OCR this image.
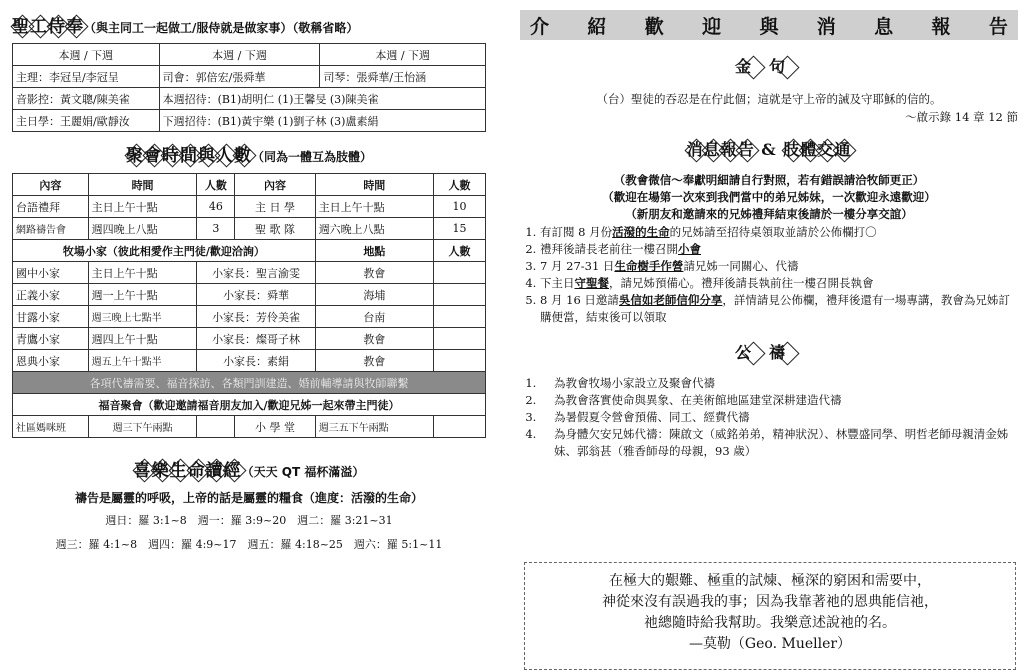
聖工侍奉（與主同工一起做工/服侍就是做家事）（敬稱省略）
本週 / 下週	本週 / 下週	本週 / 下週
主理：李冠呈/李冠呈	司會：郭倍宏/張舜華	司琴：張舜華/王怡涵
音影控：黃文聰/陳美雀	本週招待：(B1)胡明仁 (1)王馨旻 (3)陳美雀	
主日學：王麗娟/歐靜汝	下週招待：(B1)黃宇樂 (1)劉子林 (3)盧素絹	
聚會時間與人數（同為一體互為肢體）
內容	時間	人數	內容	時間	人數
台語禮拜	主日上午十點	46	主 日 學	主日上午十點	10
網路禱告會	週四晚上八點	3	聖 歌 隊	週六晚上八點	15
牧場小家（彼此相愛作主門徒/歡迎洽詢）				地點	人數
國中小家	主日上午十點	小家長：聖言渝雯		教會	
正義小家	週一上午十點	小家長：舜華		海埔	
甘露小家	週三晚上七點半	小家長：芳伶美雀		台南	
青鷹小家	週四上午十點	小家長：燦哥子林		教會	
恩典小家	週五上午十點半	小家長：素絹		教會	
各項代禱需要、福音探訪、各類門訓建造、婚前輔導請與牧師聯繫					
福音聚會（歡迎邀請福音朋友加入/歡迎兄姊一起來帶主門徒）					
社區媽咪班	週三下午兩點		小 學 堂	週三五下午兩點	
喜樂生命讀經（天天 QT 福杯滿溢）
禱告是屬靈的呼吸，上帝的話是屬靈的糧食（進度：活潑的生命）
週日：羅 3:1~8　週一：羅 3:9~20　週二：羅 3:21~31
週三：羅 4:1~8　週四：羅 4:9~17　週五：羅 4:18~25　週六：羅 5:1~11
介 紹 歡 迎 與 消 息 報 告
金句

（台）聖徒的吞忍是在佇此個；這就是守上帝的誡及守耶穌的信的。

～啟示錄 14 章 12 節

消息報告 & 肢體交通

（教會微信～奉獻明細請自行對照，若有錯誤請洽牧師更正）

（歡迎在場第一次來到我們當中的弟兄姊妹，一次歡迎永遠歡迎）

（新朋友和邀請來的兄姊禮拜結束後請於一樓分享交誼）

1. 有訂閱 8 月份活潑的生命的兄姊請至招待桌領取並請於公佈欄打〇
2. 禮拜後請長老前往一樓召開小會
3. 7 月 27-31 日生命樹手作營請兄姊一同關心、代禱
4. 下主日守聖餐，請兄姊預備心。禮拜後請長執前往一樓召開長執會
5. 8 月 16 日邀請吳信如老師信仰分享，詳情請見公佈欄，禮拜後還有一場專講，教會為兄姊訂購便當，結束後可以領取
公禱
1. 為教會牧場小家設立及聚會代禱
2. 為教會落實使命與異象、在美術館地區建堂深耕建造代禱
3. 為暑假夏令營會預備、同工、經費代禱
4. 為身體欠安兄姊代禱：陳啟文（威銘弟弟，精神狀況）、林豐盛同學、明哲老師母親清金姊妹、郭翁甚（雅香師母的母親，93 歲）
在極大的艱難、極重的試煉、極深的窮困和需要中，
神從來沒有誤過我的事；因為我靠著祂的恩典能信祂，
祂總隨時給我幫助。我樂意述說祂的名。
—莫勒（Geo. Mueller）
